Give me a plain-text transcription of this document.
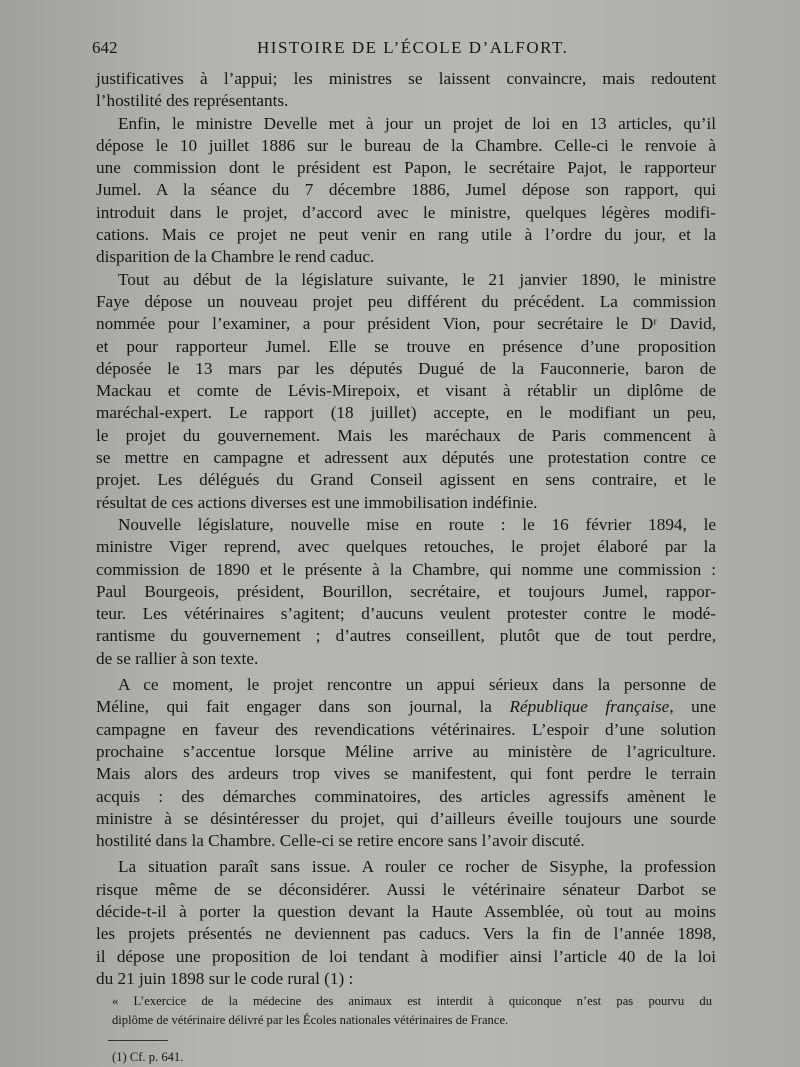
642	HISTOIRE DE L’ÉCOLE D’ALFORT.
justificatives à l’appui; les ministres se laissent convaincre, mais redoutent
l’hostilité des représentants.
Enfin, le ministre Develle met à jour un projet de loi en 13 articles, qu’il
dépose le 10 juillet 1886 sur le bureau de la Chambre. Celle-ci le renvoie à
une commission dont le président est Papon, le secrétaire Pajot, le rapporteur
Jumel. A la séance du 7 décembre 1886, Jumel dépose son rapport, qui
introduit dans le projet, d’accord avec le ministre, quelques légères modifi-
cations. Mais ce projet ne peut venir en rang utile à l’ordre du jour, et la
disparition de la Chambre le rend caduc.
Tout au début de la législature suivante, le 21 janvier 1890, le ministre
Faye dépose un nouveau projet peu différent du précédent. La commission
nommée pour l’examiner, a pour président Vion, pour secrétaire le Dʳ David,
et pour rapporteur Jumel. Elle se trouve en présence d’une proposition
déposée le 13 mars par les députés Dugué de la Fauconnerie, baron de
Mackau et comte de Lévis-Mirepoix, et visant à rétablir un diplôme de
maréchal-expert. Le rapport (18 juillet) accepte, en le modifiant un peu,
le projet du gouvernement. Mais les maréchaux de Paris commencent à
se mettre en campagne et adressent aux députés une protestation contre ce
projet. Les délégués du Grand Conseil agissent en sens contraire, et le
résultat de ces actions diverses est une immobilisation indéfinie.
Nouvelle législature, nouvelle mise en route : le 16 février 1894, le
ministre Viger reprend, avec quelques retouches, le projet élaboré par la
commission de 1890 et le présente à la Chambre, qui nomme une commission :
Paul Bourgeois, président, Bourillon, secrétaire, et toujours Jumel, rappor-
teur. Les vétérinaires s’agitent; d’aucuns veulent protester contre le modé-
rantisme du gouvernement ; d’autres conseillent, plutôt que de tout perdre,
de se rallier à son texte.
A ce moment, le projet rencontre un appui sérieux dans la personne de
Méline, qui fait engager dans son journal, la République française, une
campagne en faveur des revendications vétérinaires. L’espoir d’une solution
prochaine s’accentue lorsque Méline arrive au ministère de l’agriculture.
Mais alors des ardeurs trop vives se manifestent, qui font perdre le terrain
acquis : des démarches comminatoires, des articles agressifs amènent le
ministre à se désintéresser du projet, qui d’ailleurs éveille toujours une sourde
hostilité dans la Chambre. Celle-ci se retire encore sans l’avoir discuté.
La situation paraît sans issue. A rouler ce rocher de Sisyphe, la profession
risque même de se déconsidérer. Aussi le vétérinaire sénateur Darbot se
décide-t-il à porter la question devant la Haute Assemblée, où tout au moins
les projets présentés ne deviennent pas caducs. Vers la fin de l’année 1898,
il dépose une proposition de loi tendant à modifier ainsi l’article 40 de la loi
du 21 juin 1898 sur le code rural (1) :
« L’exercice de la médecine des animaux est interdit à quiconque n’est pas pourvu du
diplôme de vétérinaire délivré par les Écoles nationales vétérinaires de France.
(1) Cf. p. 641.
